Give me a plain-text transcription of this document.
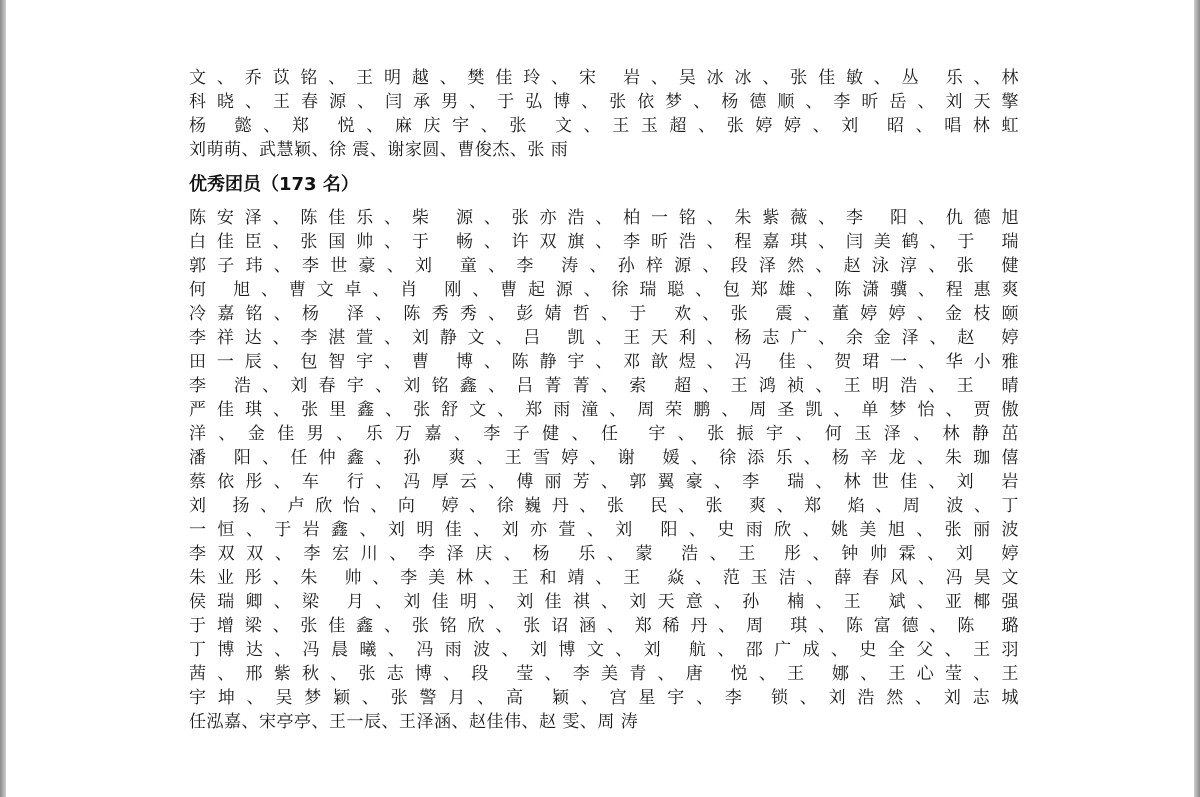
文、乔苡铭、王明越、樊佳玲、宋 岩、吴冰冰、张佳敏、丛 乐、林
科晓、王春源、闫承男、于弘博、张依梦、杨德顺、李昕岳、刘天擎
杨 懿、郑 悦、麻庆宇、张 文、王玉超、张婷婷、刘 昭、唱林虹
刘萌萌、武慧颖、徐 震、谢家圆、曹俊杰、张 雨
优秀团员（173 名）
陈安泽、陈佳乐、柴 源、张亦浩、柏一铭、朱紫薇、李 阳、仇德旭
白佳臣、张国帅、于 畅、许双旗、李昕浩、程嘉琪、闫美鹤、于 瑞
郭子玮、李世豪、刘 童、李 涛、孙梓源、段泽然、赵泳淳、张 健
何 旭、曹文卓、肖 刚、曹起源、徐瑞聪、包郑雄、陈潇骥、程惠爽
冷嘉铭、杨 泽、陈秀秀、彭婧哲、于 欢、张 震、董婷婷、金枝颐
李祥达、李湛萱、刘静文、吕 凯、王天利、杨志广、余金泽、赵 婷
田一辰、包智宇、曹 博、陈静宇、邓歆煜、冯 佳、贺珺一、华小雅
李 浩、刘春宇、刘铭鑫、吕菁菁、索 超、王鸿祯、王明浩、王 晴
严佳琪、张里鑫、张舒文、郑雨潼、周荣鹏、周圣凯、单梦怡、贾傲
洋、金佳男、乐万嘉、李子健、任 宇、张振宇、何玉泽、林静茁
潘 阳、任仲鑫、孙 爽、王雪婷、谢 媛、徐添乐、杨辛龙、朱珈僖
蔡依彤、车 行、冯厚云、傅丽芳、郭翼豪、李 瑞、林世佳、刘 岩
刘 扬、卢欣怡、向 婷、徐巍丹、张 民、张 爽、郑 焰、周 波、丁
一恒、于岩鑫、刘明佳、刘亦萱、刘 阳、史雨欣、姚美旭、张丽波
李双双、李宏川、李泽庆、杨 乐、蒙 浩、王 彤、钟帅霖、刘 婷
朱业彤、朱 帅、李美林、王和靖、王 焱、范玉洁、薛春风、冯昊文
侯瑞卿、梁 月、刘佳明、刘佳祺、刘天意、孙 楠、王 斌、亚椰强
于增梁、张佳鑫、张铭欣、张诏涵、郑稀丹、周 琪、陈富德、陈 璐
丁博达、冯晨曦、冯雨波、刘博文、刘 航、邵广成、史全父、王羽
茜、邢紫秋、张志博、段 莹、李美青、唐 悦、王 娜、王心莹、王
宇坤、吴梦颖、张警月、高 颖、宫星宇、李 锁、刘浩然、刘志城
任泓嘉、宋亭亭、王一辰、王泽涵、赵佳伟、赵 雯、周 涛
